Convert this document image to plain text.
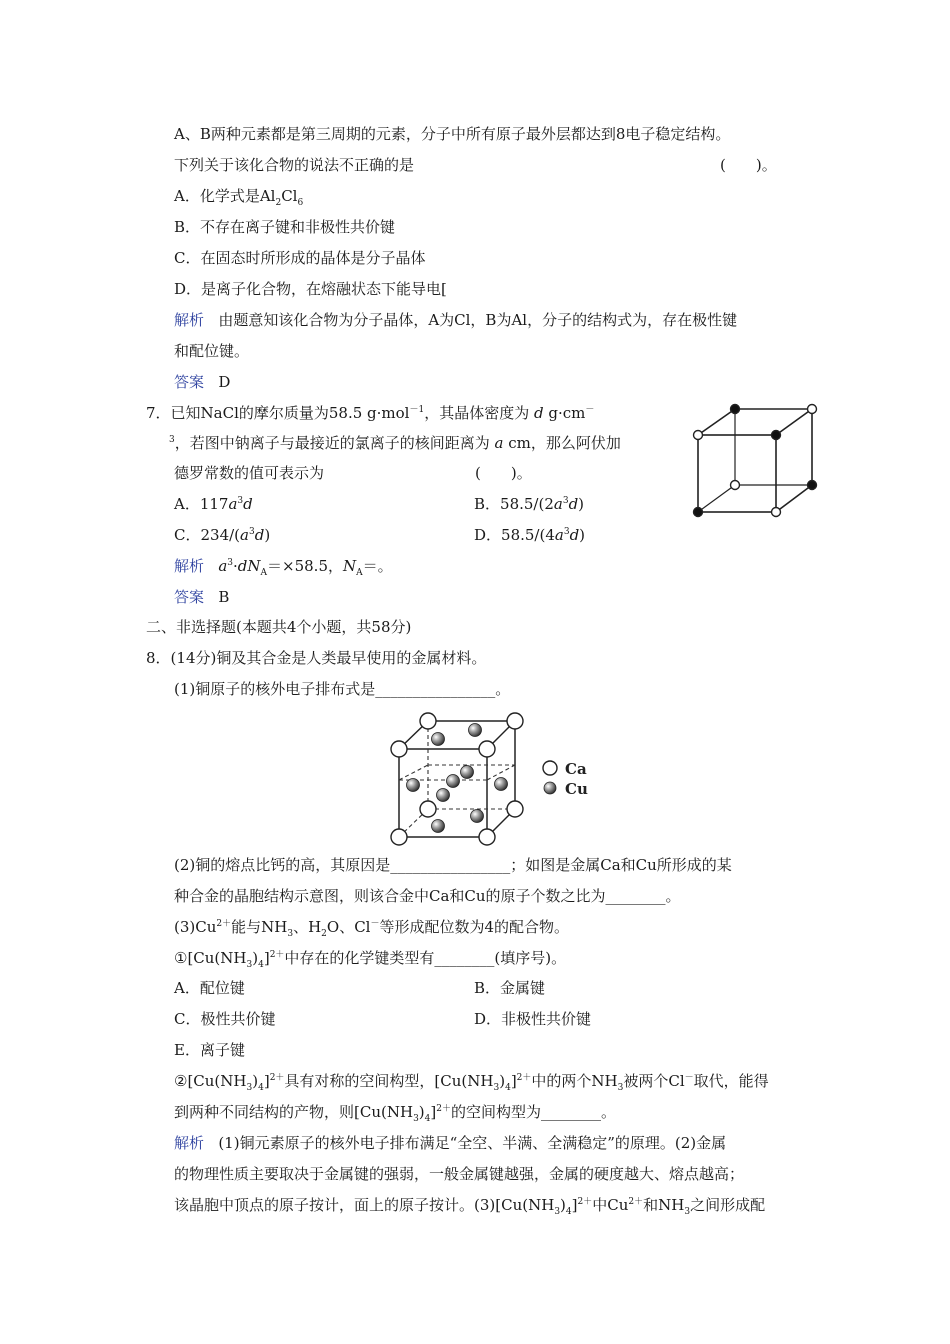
A、B两种元素都是第三周期的元素，分子中所有原子最外层都达到8电子稳定结构。
下列关于该化合物的说法不正确的是	(　　)。
A．化学式是$Al_2Cl_6$
B．不存在离子键和非极性共价键
C．在固态时所形成的晶体是分子晶体
D．是离子化合物，在熔融状态下能导电[
解析 由题意知该化合物为分子晶体，A为Cl，B为Al，分子的结构式为，存在极性键
和配位键。
答案 D
7．已知NaCl的摩尔质量为58.5 g·mol$^{-1}$，其晶体密度为 d g·cm－
$^3$，若图中钠离子与最接近的氯离子的核间距离为 a cm，那么阿伏加
德罗常数的值可表示为	(　　)。
A．$117a^3d$	B．$58.5/(2a^3d)$
C．$234/(a^3d)$	D．$58.5/(4a^3d)$
解析 $a^3\cdot dN_A=\times 58.5$，$N_A=$。
答案 B
二、非选择题(本题共4个小题，共58分)
8．(14分)铜及其合金是人类最早使用的金属材料。
(1)铜原子的核外电子排布式是________________。
Ca
Cu
(2)铜的熔点比钙的高，其原因是________________；如图是金属Ca和Cu所形成的某
种合金的晶胞结构示意图，则该合金中Ca和Cu的原子个数之比为________。
$(3)Cu^{2+}$能与$NH_3$、$H_2O$、Cl－等形成配位数为4的配合物。
$①[Cu(NH_3)_4]^{2+}$中存在的化学键类型有________(填序号)。
A．配位键	B．金属键
C．极性共价键	D．非极性共价键
E．离子键
$②[Cu(NH_3)_4]^{2+}$具有对称的空间构型，$[Cu(NH_3)_4]^{2+}$中的两个$NH_3$被两个Cl－取代，能得
到两种不同结构的产物，则$[Cu(NH_3)_4]^{2+}$的空间构型为________。
解析 (1)铜元素原子的核外电子排布满足“全空、半满、全满稳定”的原理。(2)金属
的物理性质主要取决于金属键的强弱，一般金属键越强，金属的硬度越大、熔点越高；
该晶胞中顶点的原子按计，面上的原子按计。$(3)[Cu(NH_3)_4]^{2+}$中$Cu^{2+}$和$NH_3$之间形成配
